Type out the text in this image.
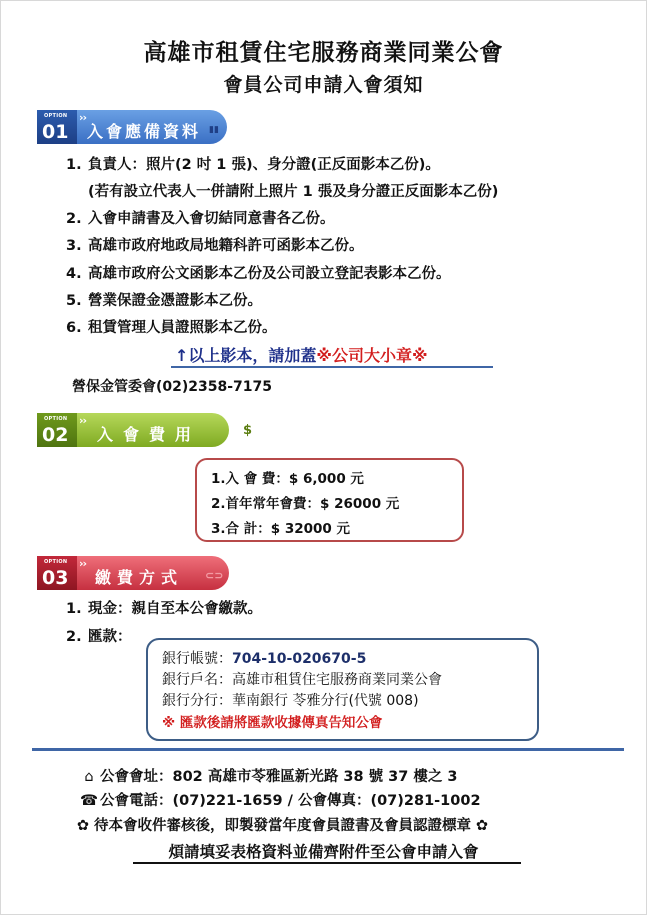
高雄市租賃住宅服務商業同業公會
會員公司申請入會須知
OPTION
01
››
入會應備資料 ▮▮
1. 負責人：照片(2 吋 1 張)、身分證(正反面影本乙份)。
(若有設立代表人一併請附上照片 1 張及身分證正反面影本乙份)
2. 入會申請書及入會切結同意書各乙份。
3. 高雄市政府地政局地籍科許可函影本乙份。
4. 高雄市政府公文函影本乙份及公司設立登記表影本乙份。
5. 營業保證金憑證影本乙份。
6. 租賃管理人員證照影本乙份。
↑以上影本，請加蓋※公司大小章※
營保金管委會(02)2358-7175
OPTION
02
››
入會費用	$
1.入 會 費：$ 6,000 元
2.首年常年會費：$ 26000 元
3.合 計：$ 32000 元
OPTION
03
››
繳費方式 ⊂⊃
1. 現金：親自至本公會繳款。
2. 匯款：
銀行帳號：704-10-020670-5
銀行戶名：高雄市租賃住宅服務商業同業公會
銀行分行：華南銀行 苓雅分行(代號 008)
※ 匯款後請將匯款收據傳真告知公會
⌂ 公會會址：802 高雄市苓雅區新光路 38 號 37 樓之 3
☎ 公會電話：(07)221-1659 / 公會傳真：(07)281-1002
✿ 待本會收件審核後，即製發當年度會員證書及會員認證標章 ✿
煩請填妥表格資料並備齊附件至公會申請入會
